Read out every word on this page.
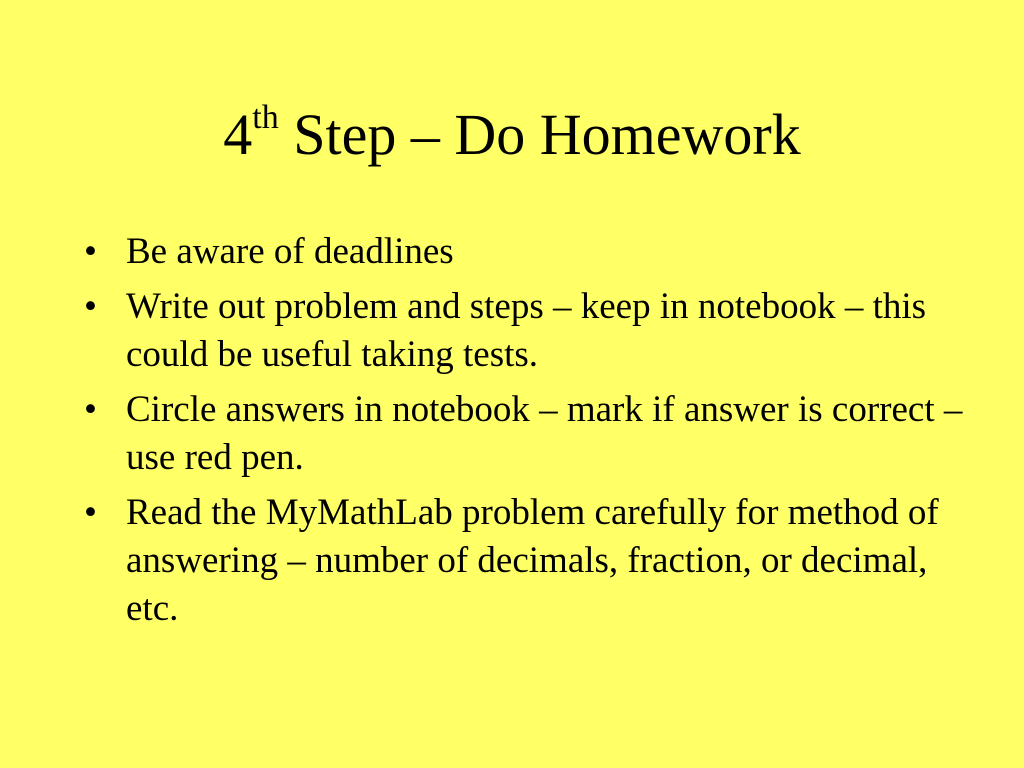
4th Step – Do Homework
• Be aware of deadlines
• Write out problem and steps – keep in notebook – this could be useful taking tests.
• Circle answers in notebook – mark if answer is correct – use red pen.
• Read the MyMathLab problem carefully for method of answering – number of decimals, fraction, or decimal, etc.
